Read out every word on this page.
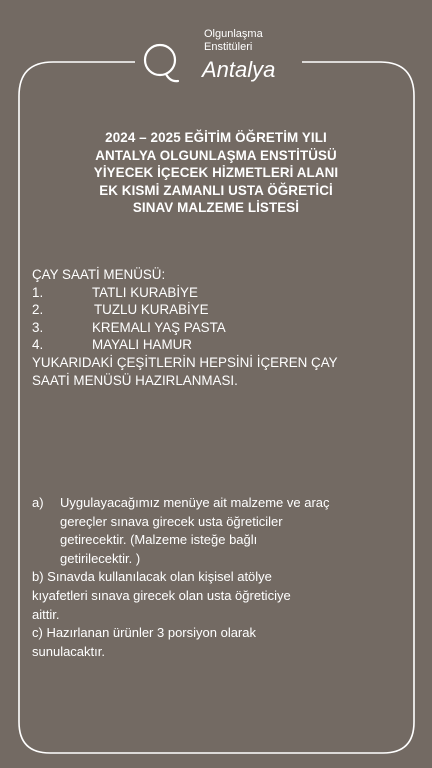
Olgunlaşma
Enstitüleri
Antalya
2024 – 2025 EĞİTİM ÖĞRETİM YILI
ANTALYA OLGUNLAŞMA ENSTİTÜSÜ
YİYECEK İÇECEK HİZMETLERİ ALANI
EK KISMİ ZAMANLI USTA ÖĞRETİCİ
SINAV MALZEME LİSTESİ
ÇAY SAATİ MENÜSÜ:
1.	TATLI KURABİYE
2.	TUZLU KURABİYE
3.	KREMALI YAŞ PASTA
4.	MAYALI HAMUR
YUKARIDAKİ ÇEŞİTLERİN HEPSİNİ İÇEREN ÇAY
SAATİ MENÜSÜ HAZIRLANMASI.
a)	Uygulayacağımız menüye ait malzeme ve araç
gereçler sınava girecek usta öğreticiler
getirecektir. (Malzeme isteğe bağlı
getirilecektir. )
b) Sınavda kullanılacak olan kişisel atölye
kıyafetleri sınava girecek olan usta öğreticiye
aittir.
c) Hazırlanan ürünler 3 porsiyon olarak
sunulacaktır.
